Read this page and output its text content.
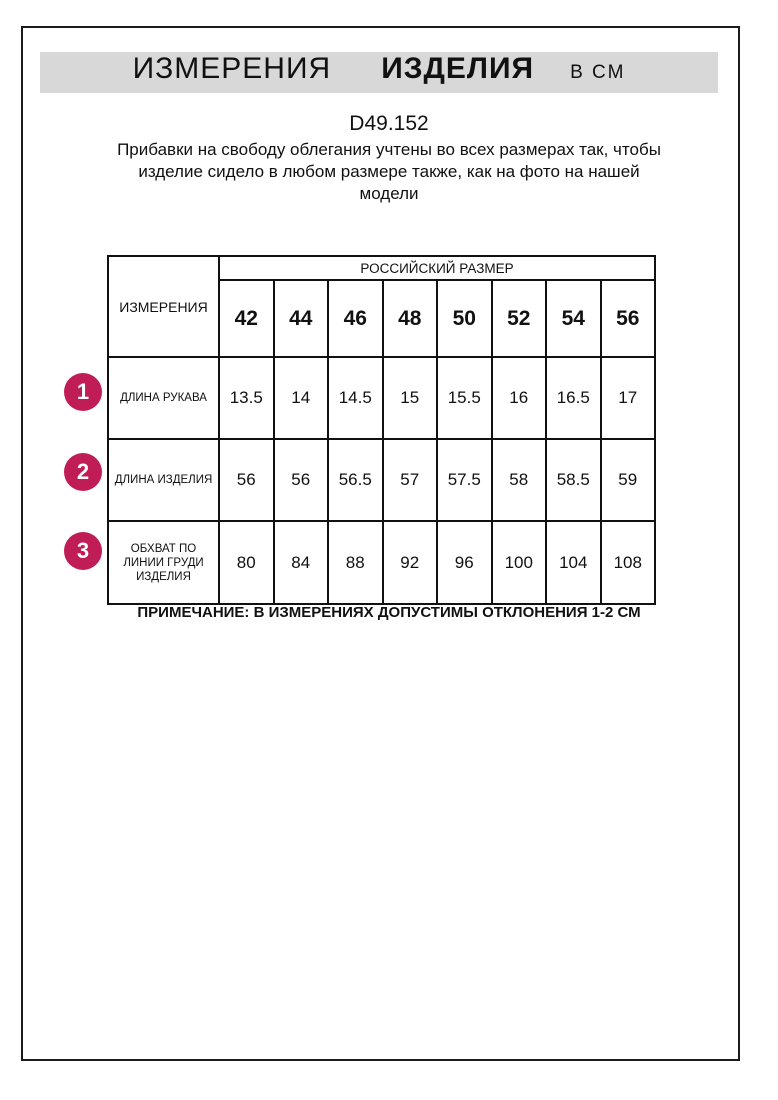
ИЗМЕРЕНИЯ ИЗДЕЛИЯ В СМ
D49.152
Прибавки на свободу облегания учтены во всех размерах так, чтобы
изделие сидело в любом размере также, как на фото на нашей
модели
ИЗМЕРЕНИЯ	РОССИЙСКИЙ РАЗМЕР							
	42	44	46	48	50	52	54	56
ДЛИНА РУКАВА	13.5	14	14.5	15	15.5	16	16.5	17
ДЛИНА ИЗДЕЛИЯ	56	56	56.5	57	57.5	58	58.5	59
ОБХВАТ ПО ЛИНИИ ГРУДИ ИЗДЕЛИЯ	80	84	88	92	96	100	104	108
1
2
3
ПРИМЕЧАНИЕ: В ИЗМЕРЕНИЯХ ДОПУСТИМЫ ОТКЛОНЕНИЯ 1-2 СМ
